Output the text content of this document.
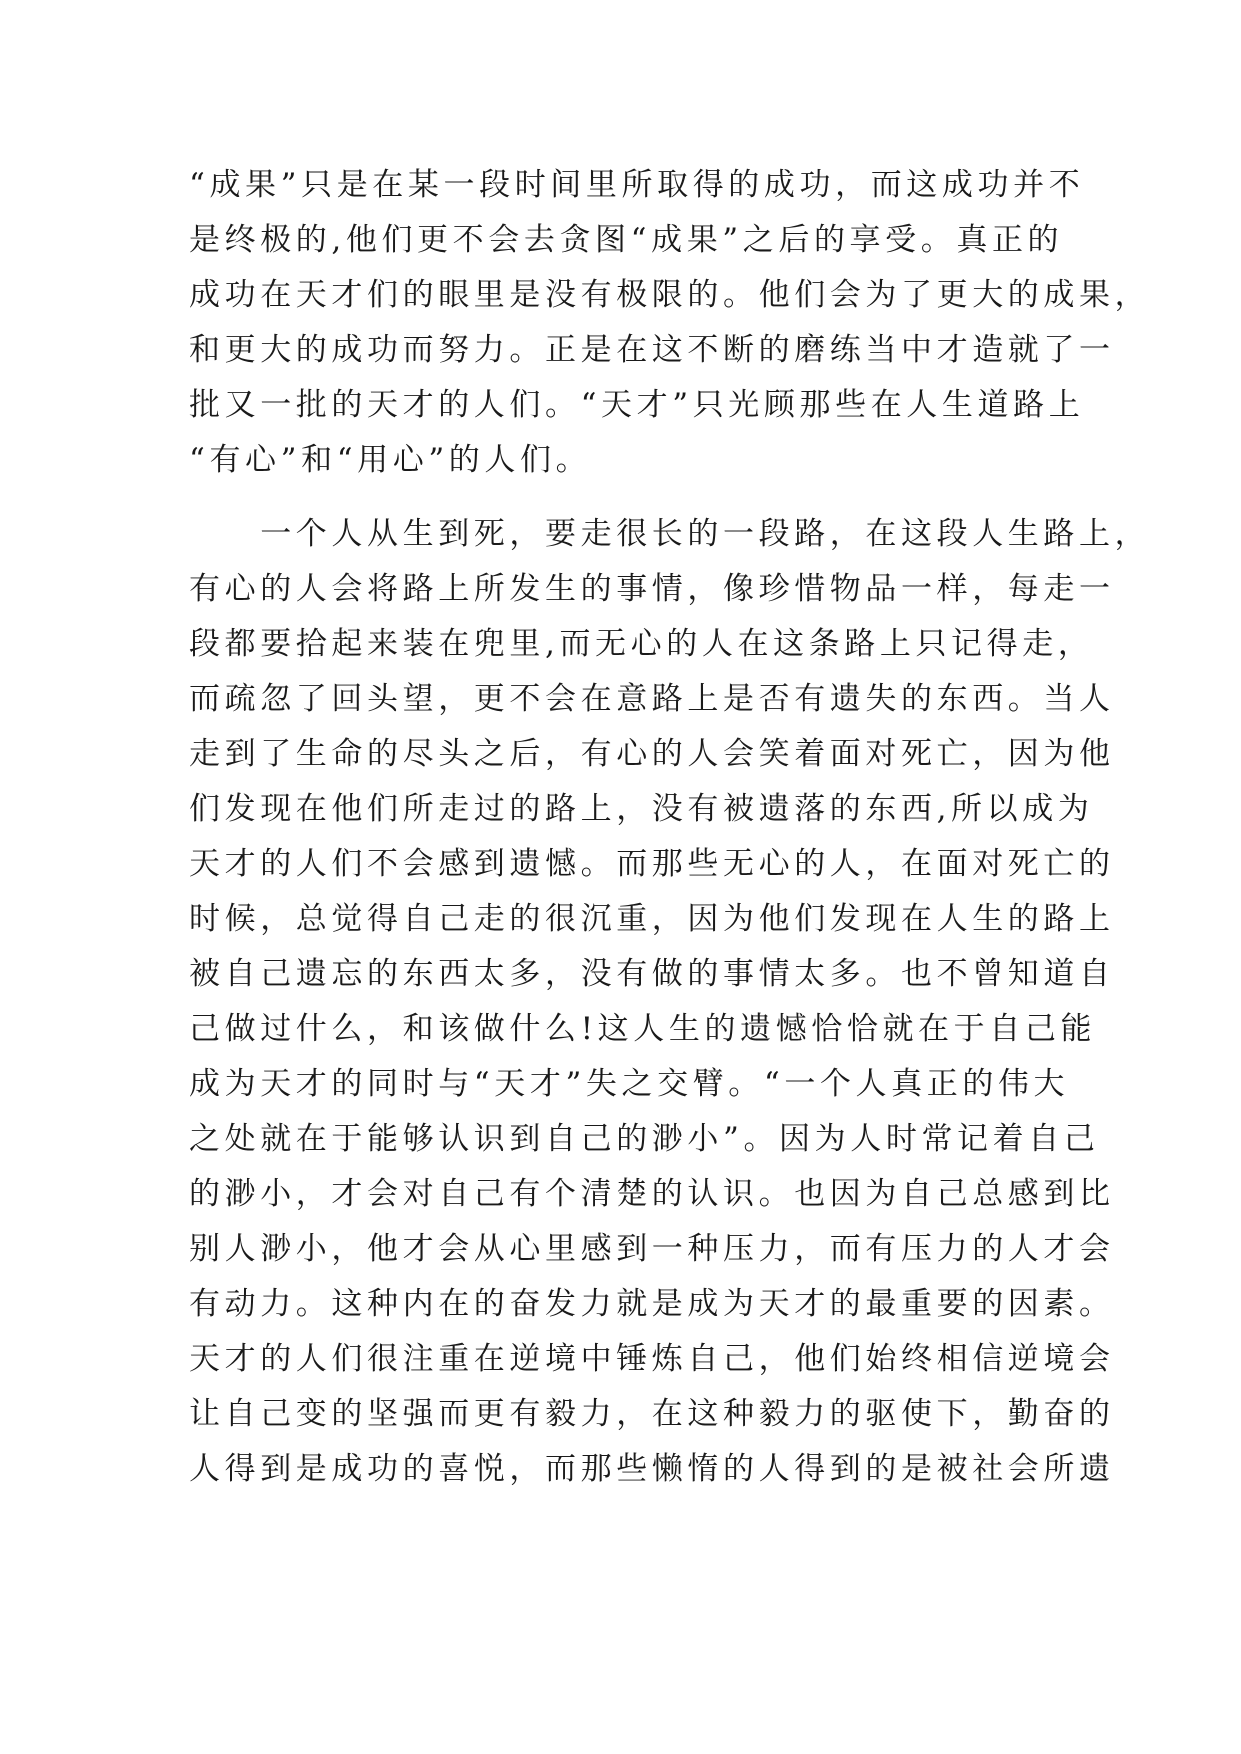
“成果”只是在某一段时间里所取得的成功，而这成功并不
是终极的,他们更不会去贪图“成果”之后的享受。真正的
成功在天才们的眼里是没有极限的。他们会为了更大的成果，
和更大的成功而努力。正是在这不断的磨练当中才造就了一
批又一批的天才的人们。“天才”只光顾那些在人生道路上
“有心”和“用心”的人们。
　　一个人从生到死，要走很长的一段路，在这段人生路上，
有心的人会将路上所发生的事情，像珍惜物品一样，每走一
段都要拾起来装在兜里,而无心的人在这条路上只记得走，
而疏忽了回头望，更不会在意路上是否有遗失的东西。当人
走到了生命的尽头之后，有心的人会笑着面对死亡，因为他
们发现在他们所走过的路上，没有被遗落的东西,所以成为
天才的人们不会感到遗憾。而那些无心的人，在面对死亡的
时候，总觉得自己走的很沉重，因为他们发现在人生的路上
被自己遗忘的东西太多，没有做的事情太多。也不曾知道自
己做过什么，和该做什么!这人生的遗憾恰恰就在于自己能
成为天才的同时与“天才”失之交臂。“一个人真正的伟大
之处就在于能够认识到自己的渺小”。因为人时常记着自己
的渺小，才会对自己有个清楚的认识。也因为自己总感到比
别人渺小，他才会从心里感到一种压力，而有压力的人才会
有动力。这种内在的奋发力就是成为天才的最重要的因素。
天才的人们很注重在逆境中锤炼自己，他们始终相信逆境会
让自己变的坚强而更有毅力，在这种毅力的驱使下，勤奋的
人得到是成功的喜悦，而那些懒惰的人得到的是被社会所遗
